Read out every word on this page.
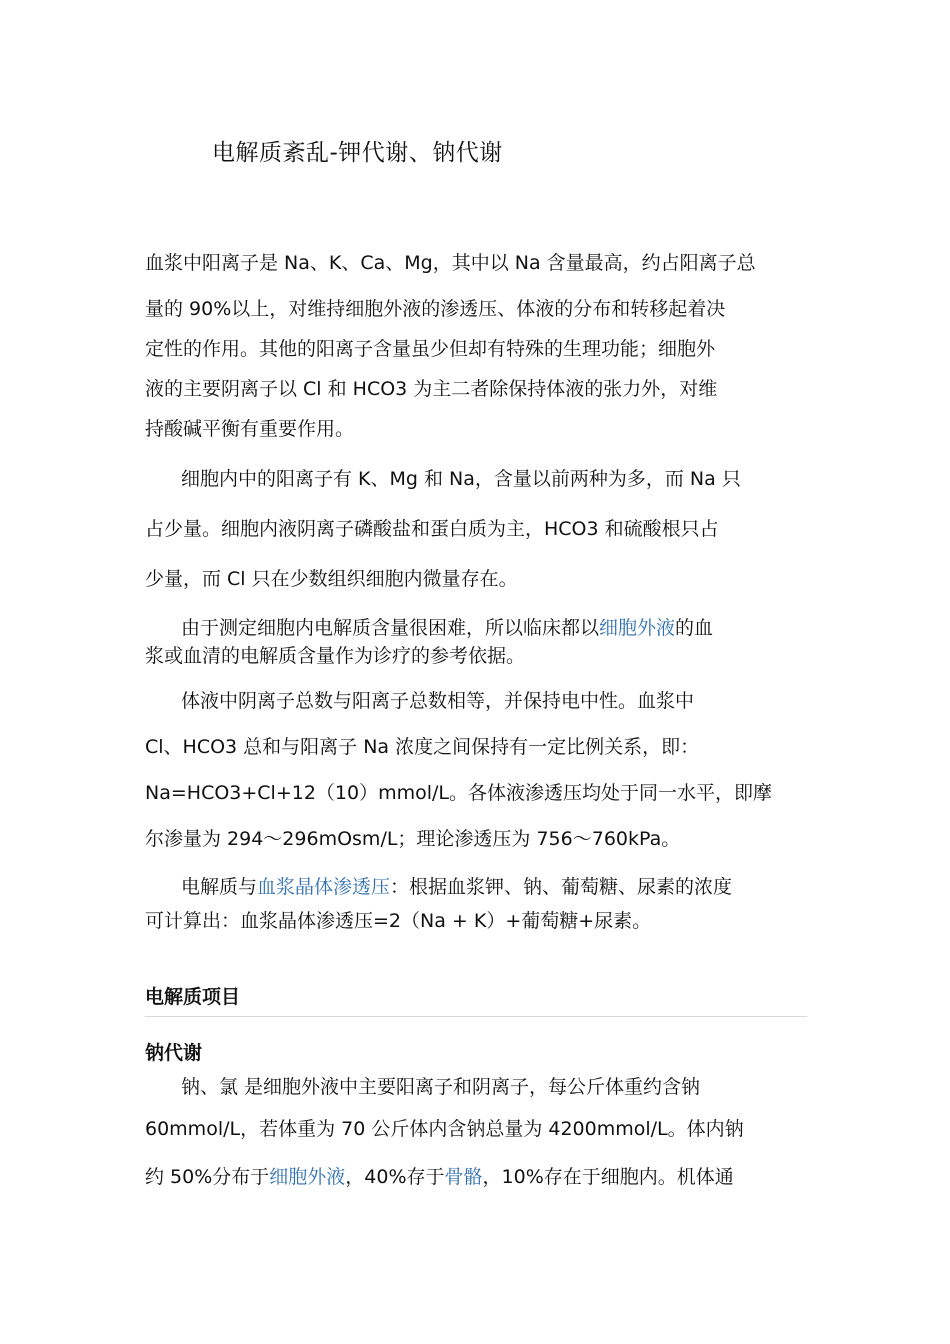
电解质紊乱-钾代谢、钠代谢
血浆中阳离子是 Na、K、Ca、Mg，其中以 Na 含量最高，约占阳离子总
量的 90%以上，对维持细胞外液的渗透压、体液的分布和转移起着决
定性的作用。其他的阳离子含量虽少但却有特殊的生理功能；细胞外
液的主要阴离子以 Cl 和 HCO3 为主二者除保持体液的张力外，对维
持酸碱平衡有重要作用。
细胞内中的阳离子有 K、Mg 和 Na，含量以前两种为多，而 Na 只
占少量。细胞内液阴离子磷酸盐和蛋白质为主，HCO3 和硫酸根只占
少量，而 Cl 只在少数组织细胞内微量存在。
由于测定细胞内电解质含量很困难，所以临床都以细胞外液的血
浆或血清的电解质含量作为诊疗的参考依据。
体液中阴离子总数与阳离子总数相等，并保持电中性。血浆中
Cl、HCO3 总和与阳离子 Na 浓度之间保持有一定比例关系，即：
Na=HCO3+Cl+12（10）mmol/L。各体液渗透压均处于同一水平，即摩
尔渗量为 294～296mOsm/L；理论渗透压为 756～760kPa。
电解质与血浆晶体渗透压：根据血浆钾、钠、葡萄糖、尿素的浓度
可计算出：血浆晶体渗透压=2（Na + K）+葡萄糖+尿素。
电解质项目
钠代谢
钠、氯 是细胞外液中主要阳离子和阴离子，每公斤体重约含钠
60mmol/L，若体重为 70 公斤体内含钠总量为 4200mmol/L。体内钠
约 50%分布于细胞外液，40%存于骨骼，10%存在于细胞内。机体通
